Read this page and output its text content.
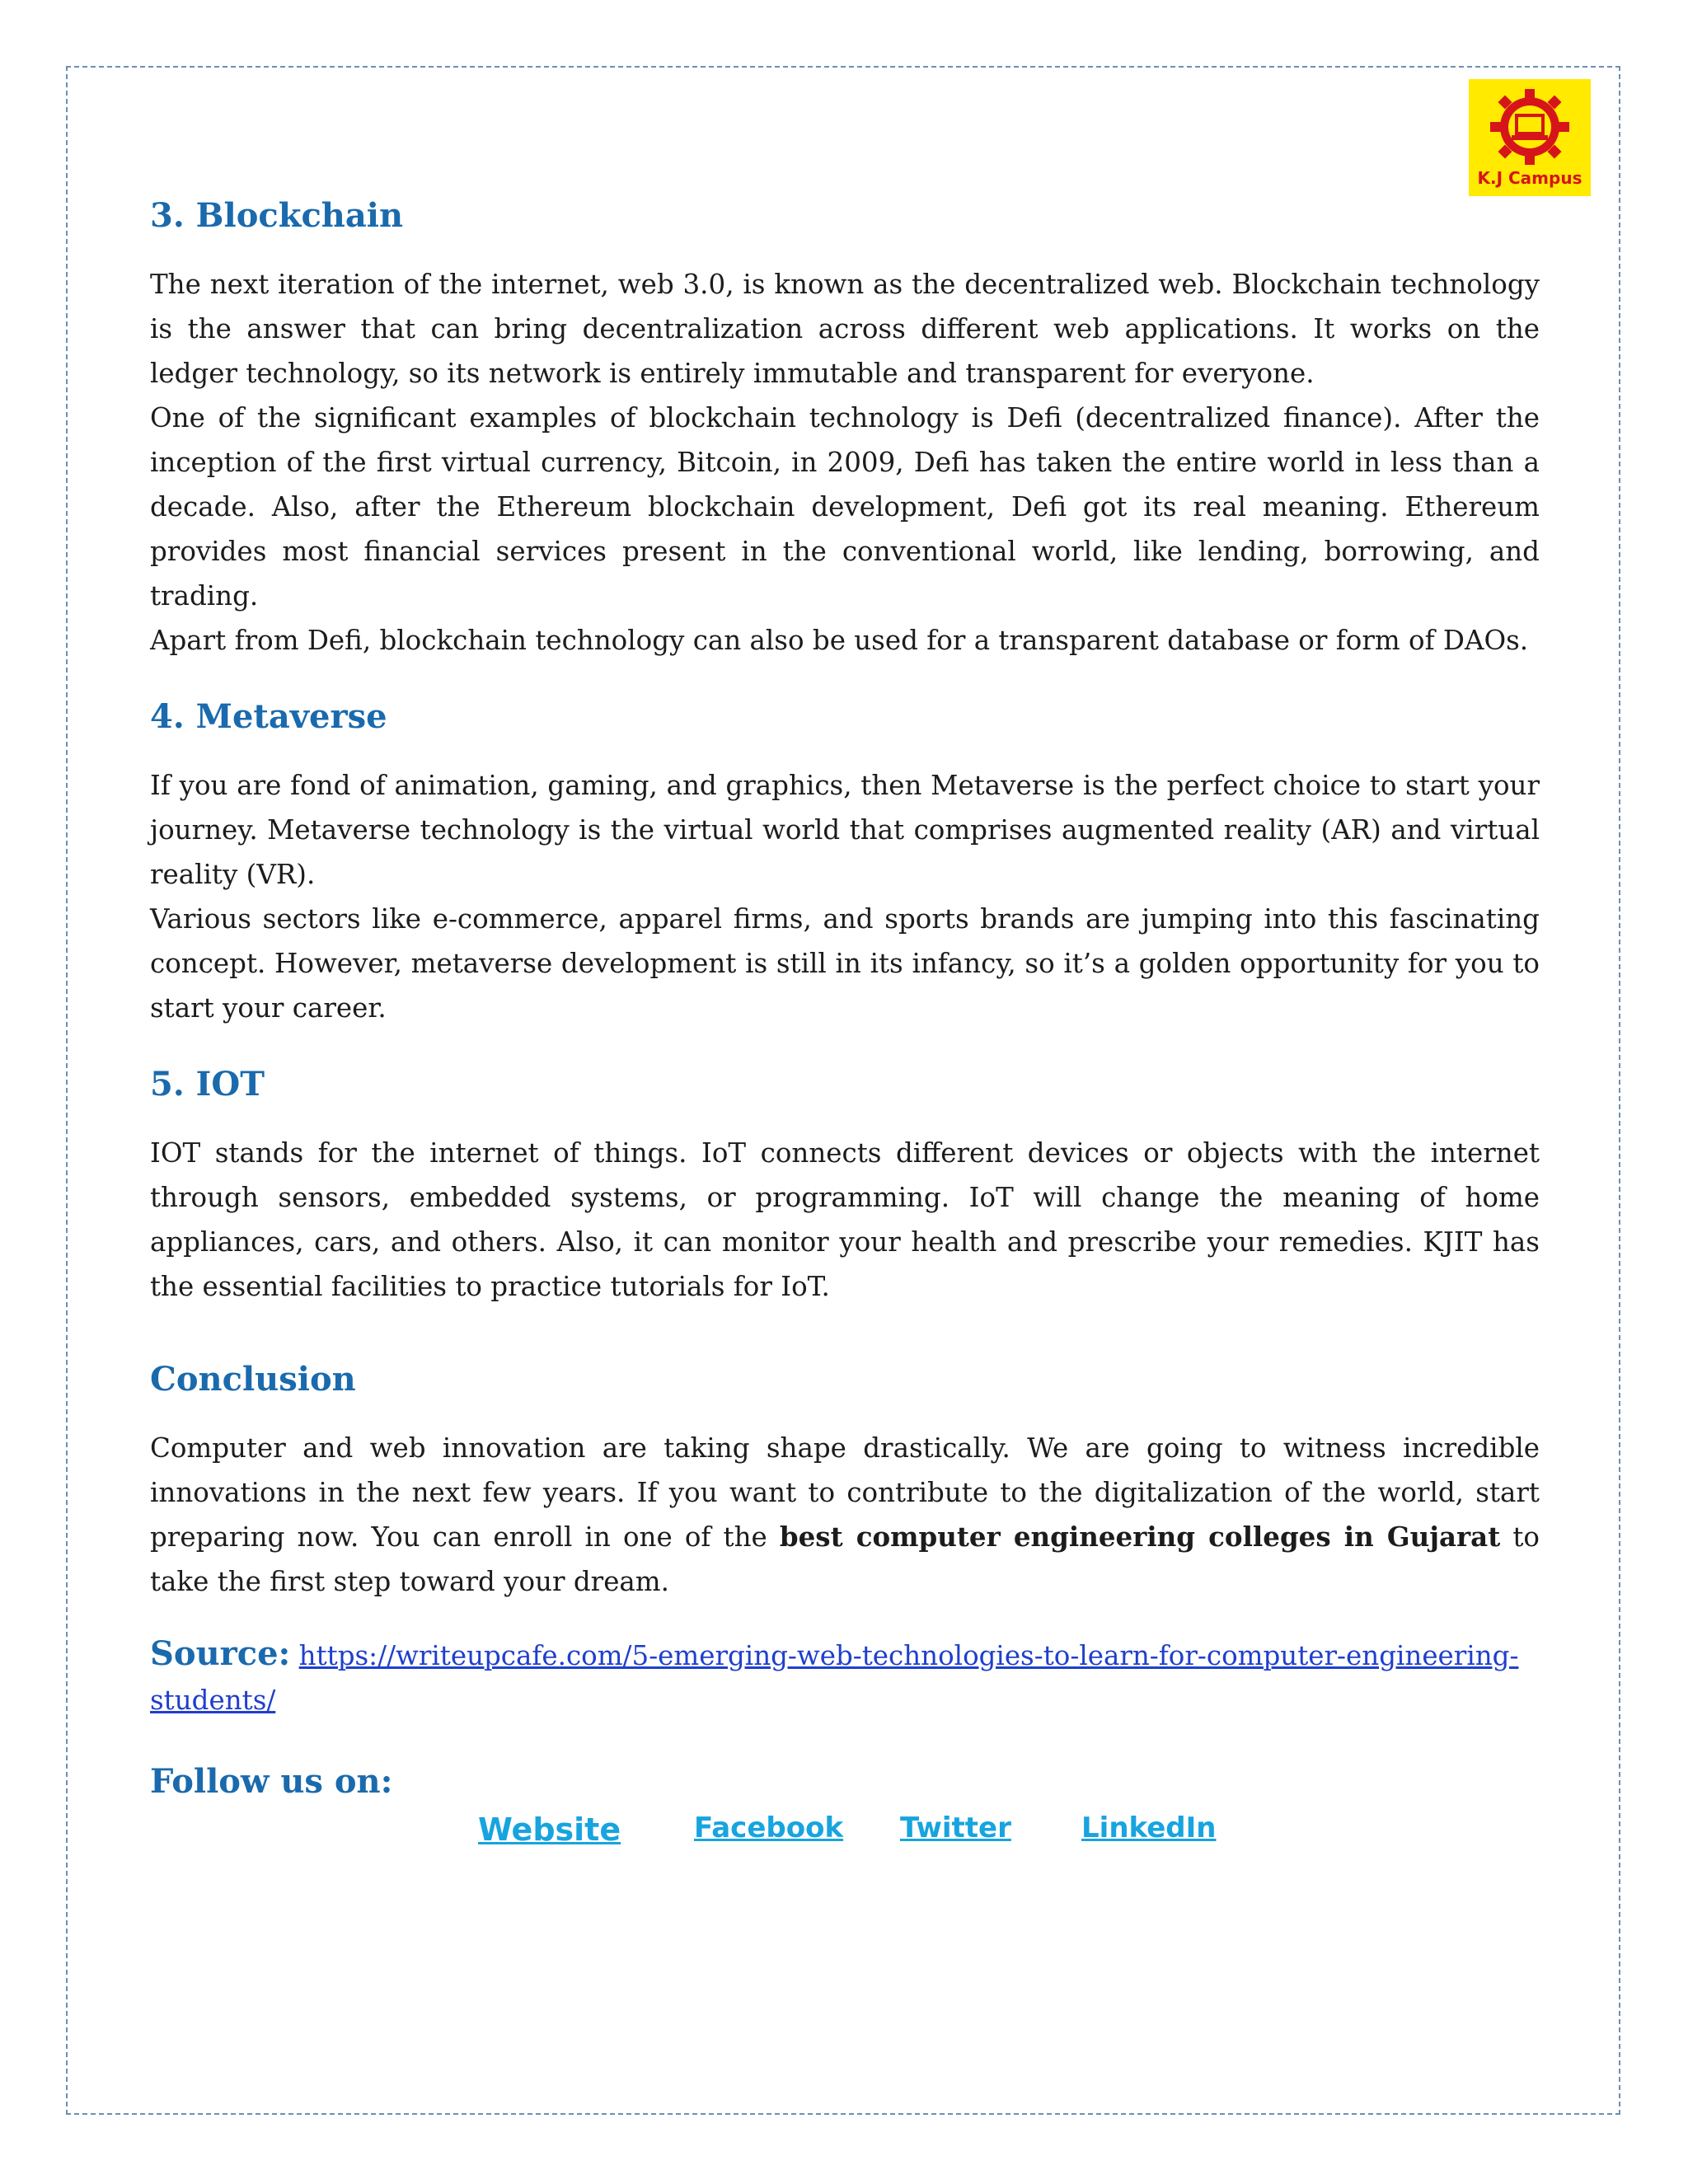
K.J Campus
3. Blockchain

The next iteration of the internet, web 3.0, is known as the decentralized web. Blockchain technology is the answer that can bring decentralization across different web applications. It works on the ledger technology, so its network is entirely immutable and transparent for everyone.

One of the significant examples of blockchain technology is Defi (decentralized finance). After the inception of the first virtual currency, Bitcoin, in 2009, Defi has taken the entire world in less than a decade. Also, after the Ethereum blockchain development, Defi got its real meaning. Ethereum provides most financial services present in the conventional world, like lending, borrowing, and trading.

Apart from Defi, blockchain technology can also be used for a transparent database or form of DAOs.

4. Metaverse

If you are fond of animation, gaming, and graphics, then Metaverse is the perfect choice to start your journey. Metaverse technology is the virtual world that comprises augmented reality (AR) and virtual reality (VR).

Various sectors like e-commerce, apparel firms, and sports brands are jumping into this fascinating concept. However, metaverse development is still in its infancy, so it’s a golden opportunity for you to start your career.

5. IOT

IOT stands for the internet of things. IoT connects different devices or objects with the internet through sensors, embedded systems, or programming. IoT will change the meaning of home appliances, cars, and others. Also, it can monitor your health and prescribe your remedies. KJIT has the essential facilities to practice tutorials for IoT.

Conclusion

Computer and web innovation are taking shape drastically. We are going to witness incredible innovations in the next few years. If you want to contribute to the digitalization of the world, start preparing now. You can enroll in one of the best computer engineering colleges in Gujarat to take the first step toward your dream.

Source: https://writeupcafe.com/5-emerging-web-technologies-to-learn-for-computer-engineering-students/
Follow us on:
Website	Facebook Twitter	LinkedIn
